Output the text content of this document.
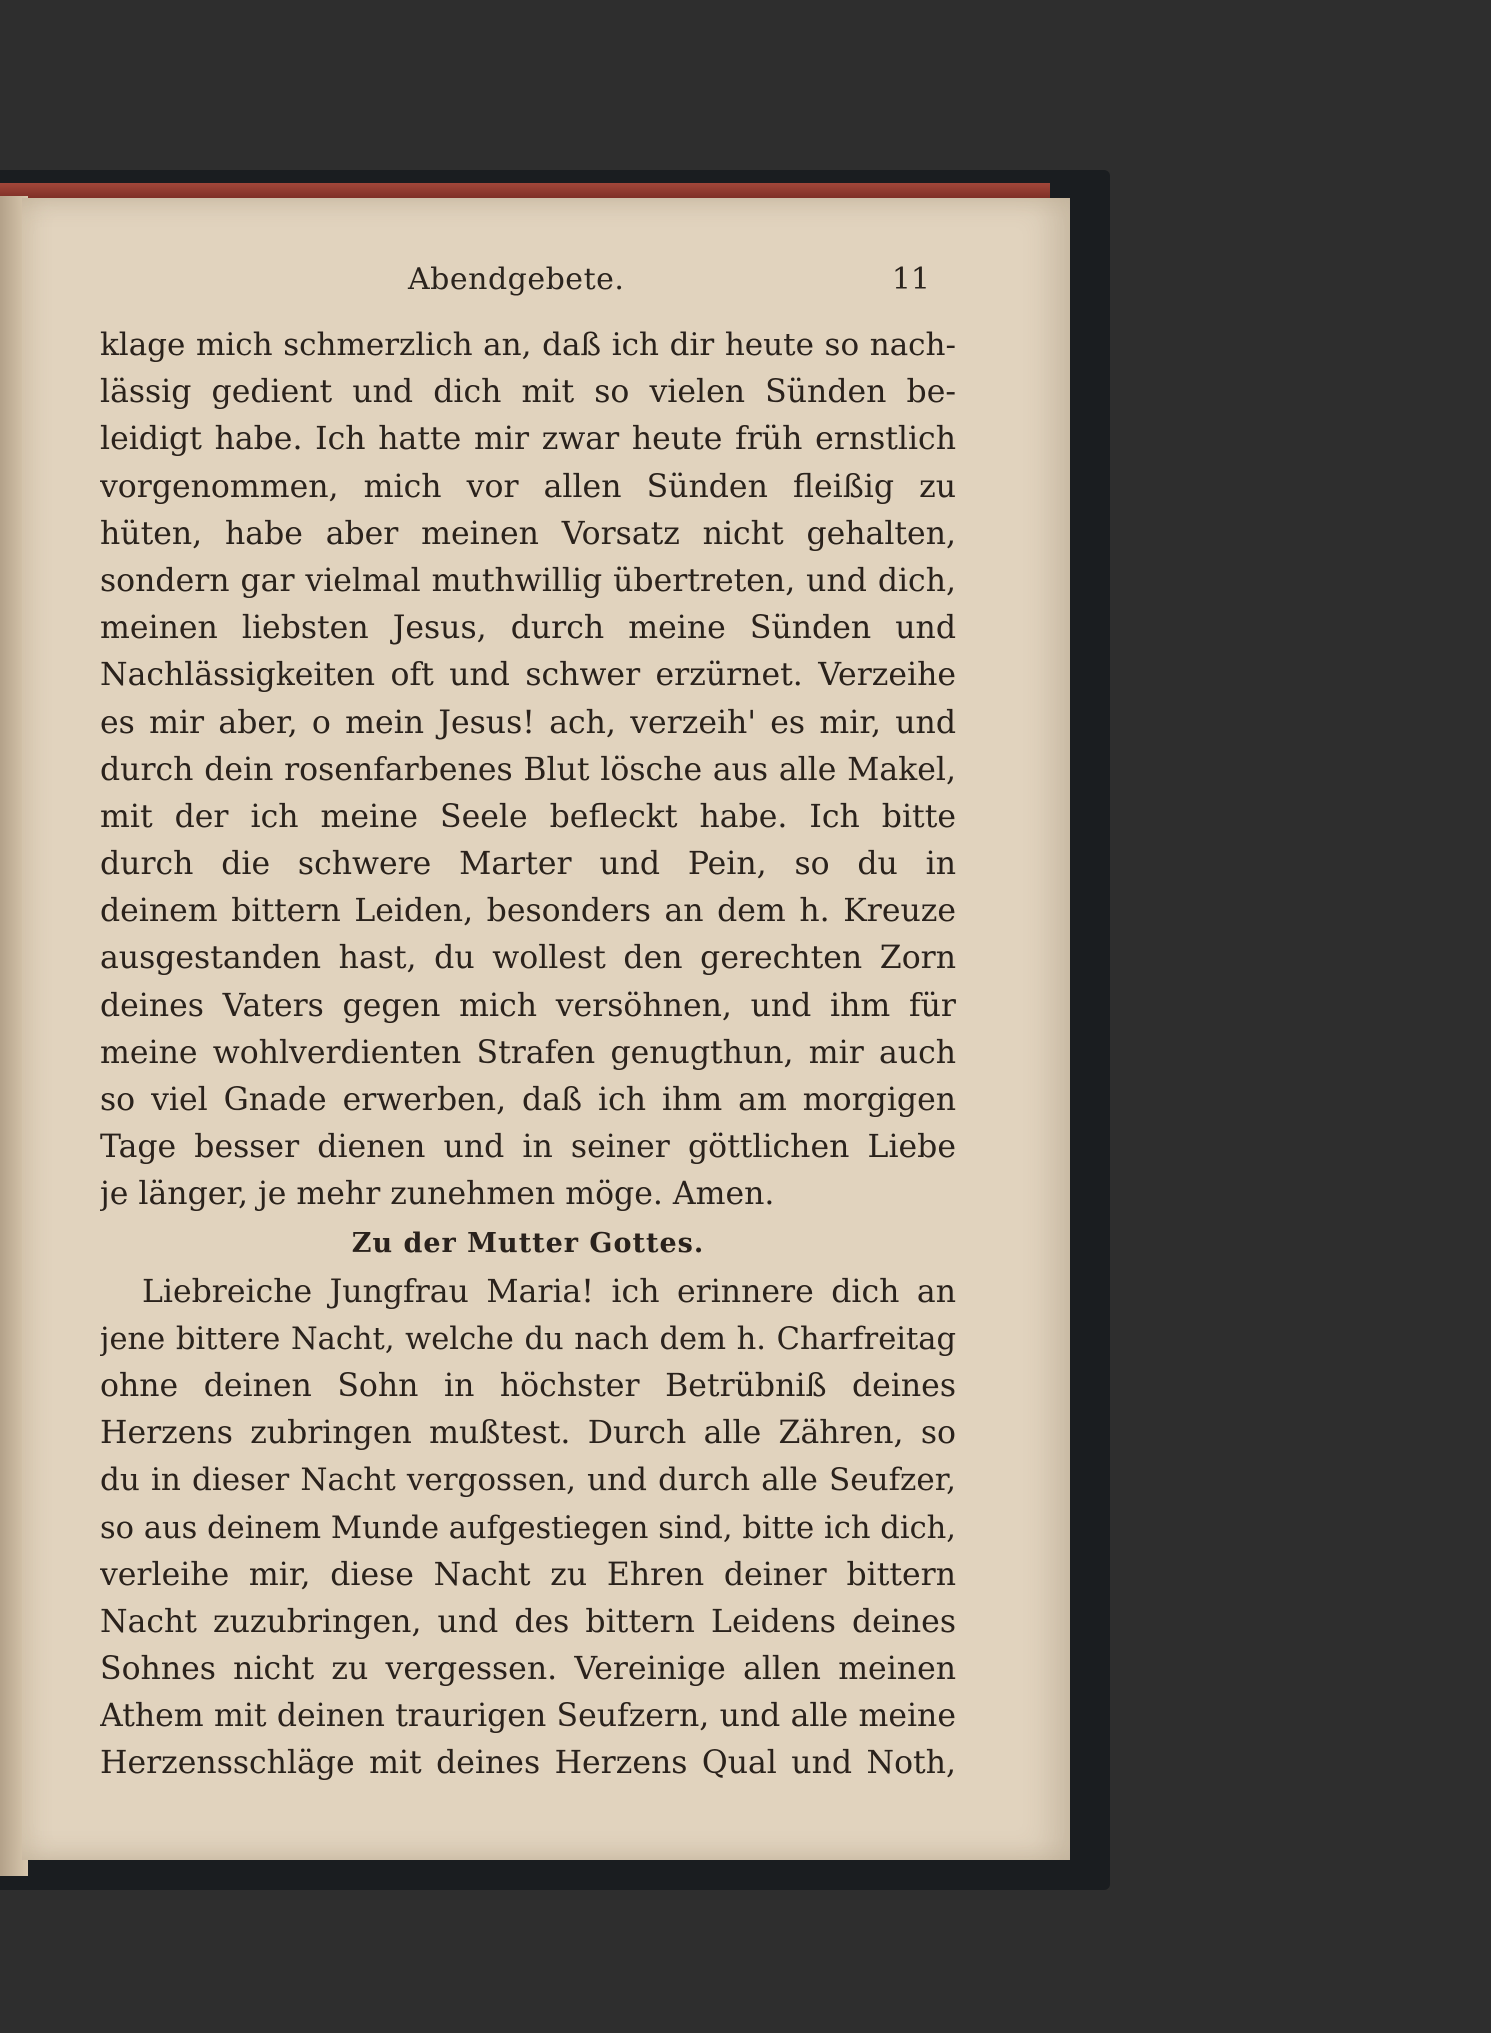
Abendgebete.	11
klage mich schmerzlich an, daß ich dir heute so nach-
lässig gedient und dich mit so vielen Sünden be-
leidigt habe. Ich hatte mir zwar heute früh ernstlich
vorgenommen, mich vor allen Sünden fleißig zu
hüten, habe aber meinen Vorsatz nicht gehalten,
sondern gar vielmal muthwillig übertreten, und dich,
meinen liebsten Jesus, durch meine Sünden und
Nachlässigkeiten oft und schwer erzürnet. Verzeihe
es mir aber, o mein Jesus! ach, verzeih' es mir, und
durch dein rosenfarbenes Blut lösche aus alle Makel,
mit der ich meine Seele befleckt habe. Ich bitte
durch die schwere Marter und Pein, so du in
deinem bittern Leiden, besonders an dem h. Kreuze
ausgestanden hast, du wollest den gerechten Zorn
deines Vaters gegen mich versöhnen, und ihm für
meine wohlverdienten Strafen genugthun, mir auch
so viel Gnade erwerben, daß ich ihm am morgigen
Tage besser dienen und in seiner göttlichen Liebe
je länger, je mehr zunehmen möge. Amen.
Zu der Mutter Gottes.
Liebreiche Jungfrau Maria! ich erinnere dich an
jene bittere Nacht, welche du nach dem h. Charfreitag
ohne deinen Sohn in höchster Betrübniß deines
Herzens zubringen mußtest. Durch alle Zähren, so
du in dieser Nacht vergossen, und durch alle Seufzer,
so aus deinem Munde aufgestiegen sind, bitte ich dich,
verleihe mir, diese Nacht zu Ehren deiner bittern
Nacht zuzubringen, und des bittern Leidens deines
Sohnes nicht zu vergessen. Vereinige allen meinen
Athem mit deinen traurigen Seufzern, und alle meine
Herzensschläge mit deines Herzens Qual und Noth,
